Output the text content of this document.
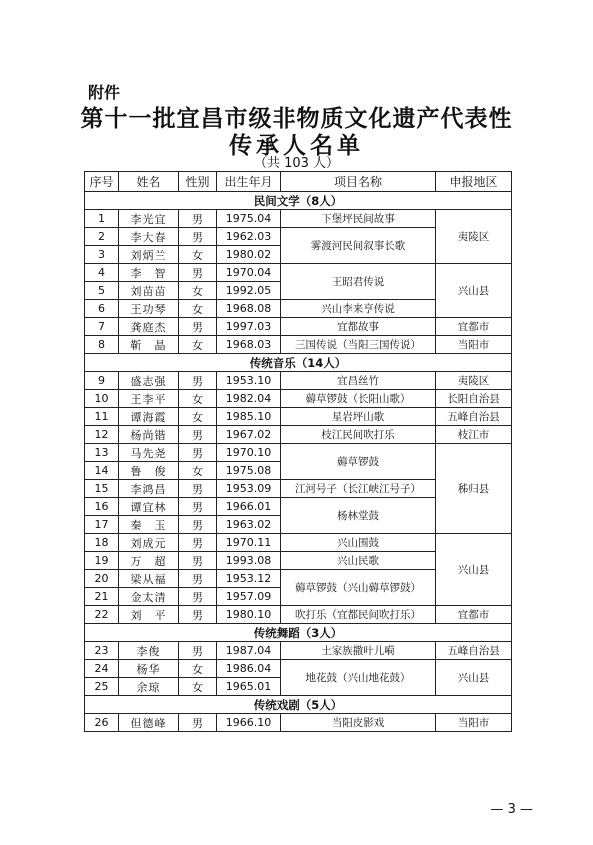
附件
第十一批宜昌市级非物质文化遗产代表性
传承人名单
（共 103 人）
序号	姓名	性别	出生年月	项目名称	申报地区
民间文学（8人）					
1	李光宜	男	1975.04	下堡坪民间故事	夷陵区
2	李大春	男	1962.03	雾渡河民间叙事长歌	
3	刘炳兰	女	1980.02		
4	李　智	男	1970.04	王昭君传说	兴山县
5	刘苗苗	女	1992.05		
6	王功琴	女	1968.08	兴山李来亨传说	
7	龚庭杰	男	1997.03	宜都故事	宜都市
8	靳　晶	女	1968.03	三国传说（当阳三国传说）	当阳市
传统音乐（14人）					
9	盛志强	男	1953.10	宜昌丝竹	夷陵区
10	王李平	女	1982.04	薅草锣鼓（长阳山歌）	长阳自治县
11	谭海霞	女	1985.10	星岩坪山歌	五峰自治县
12	杨尚锴	男	1967.02	枝江民间吹打乐	枝江市
13	马先尧	男	1970.10	薅草锣鼓	秭归县
14	鲁　俊	女	1975.08		
15	李鸿昌	男	1953.09	江河号子（长江峡江号子）	
16	谭宜林	男	1966.01	杨林堂鼓	
17	秦　玉	男	1963.02		
18	刘成元	男	1970.11	兴山围鼓	兴山县
19	万　超	男	1993.08	兴山民歌	
20	梁从福	男	1953.12	薅草锣鼓（兴山薅草锣鼓）	
21	金太清	男	1957.09		
22	刘　平	男	1980.10	吹打乐（宜都民间吹打乐）	宜都市
传统舞蹈（3人）					
23	李俊	男	1987.04	土家族撒叶儿嗬	五峰自治县
24	杨华	女	1986.04	地花鼓（兴山地花鼓）	兴山县
25	余琼	女	1965.01		
传统戏剧（5人）					
26	但德峰	男	1966.10	当阳皮影戏	当阳市
— 3 —
